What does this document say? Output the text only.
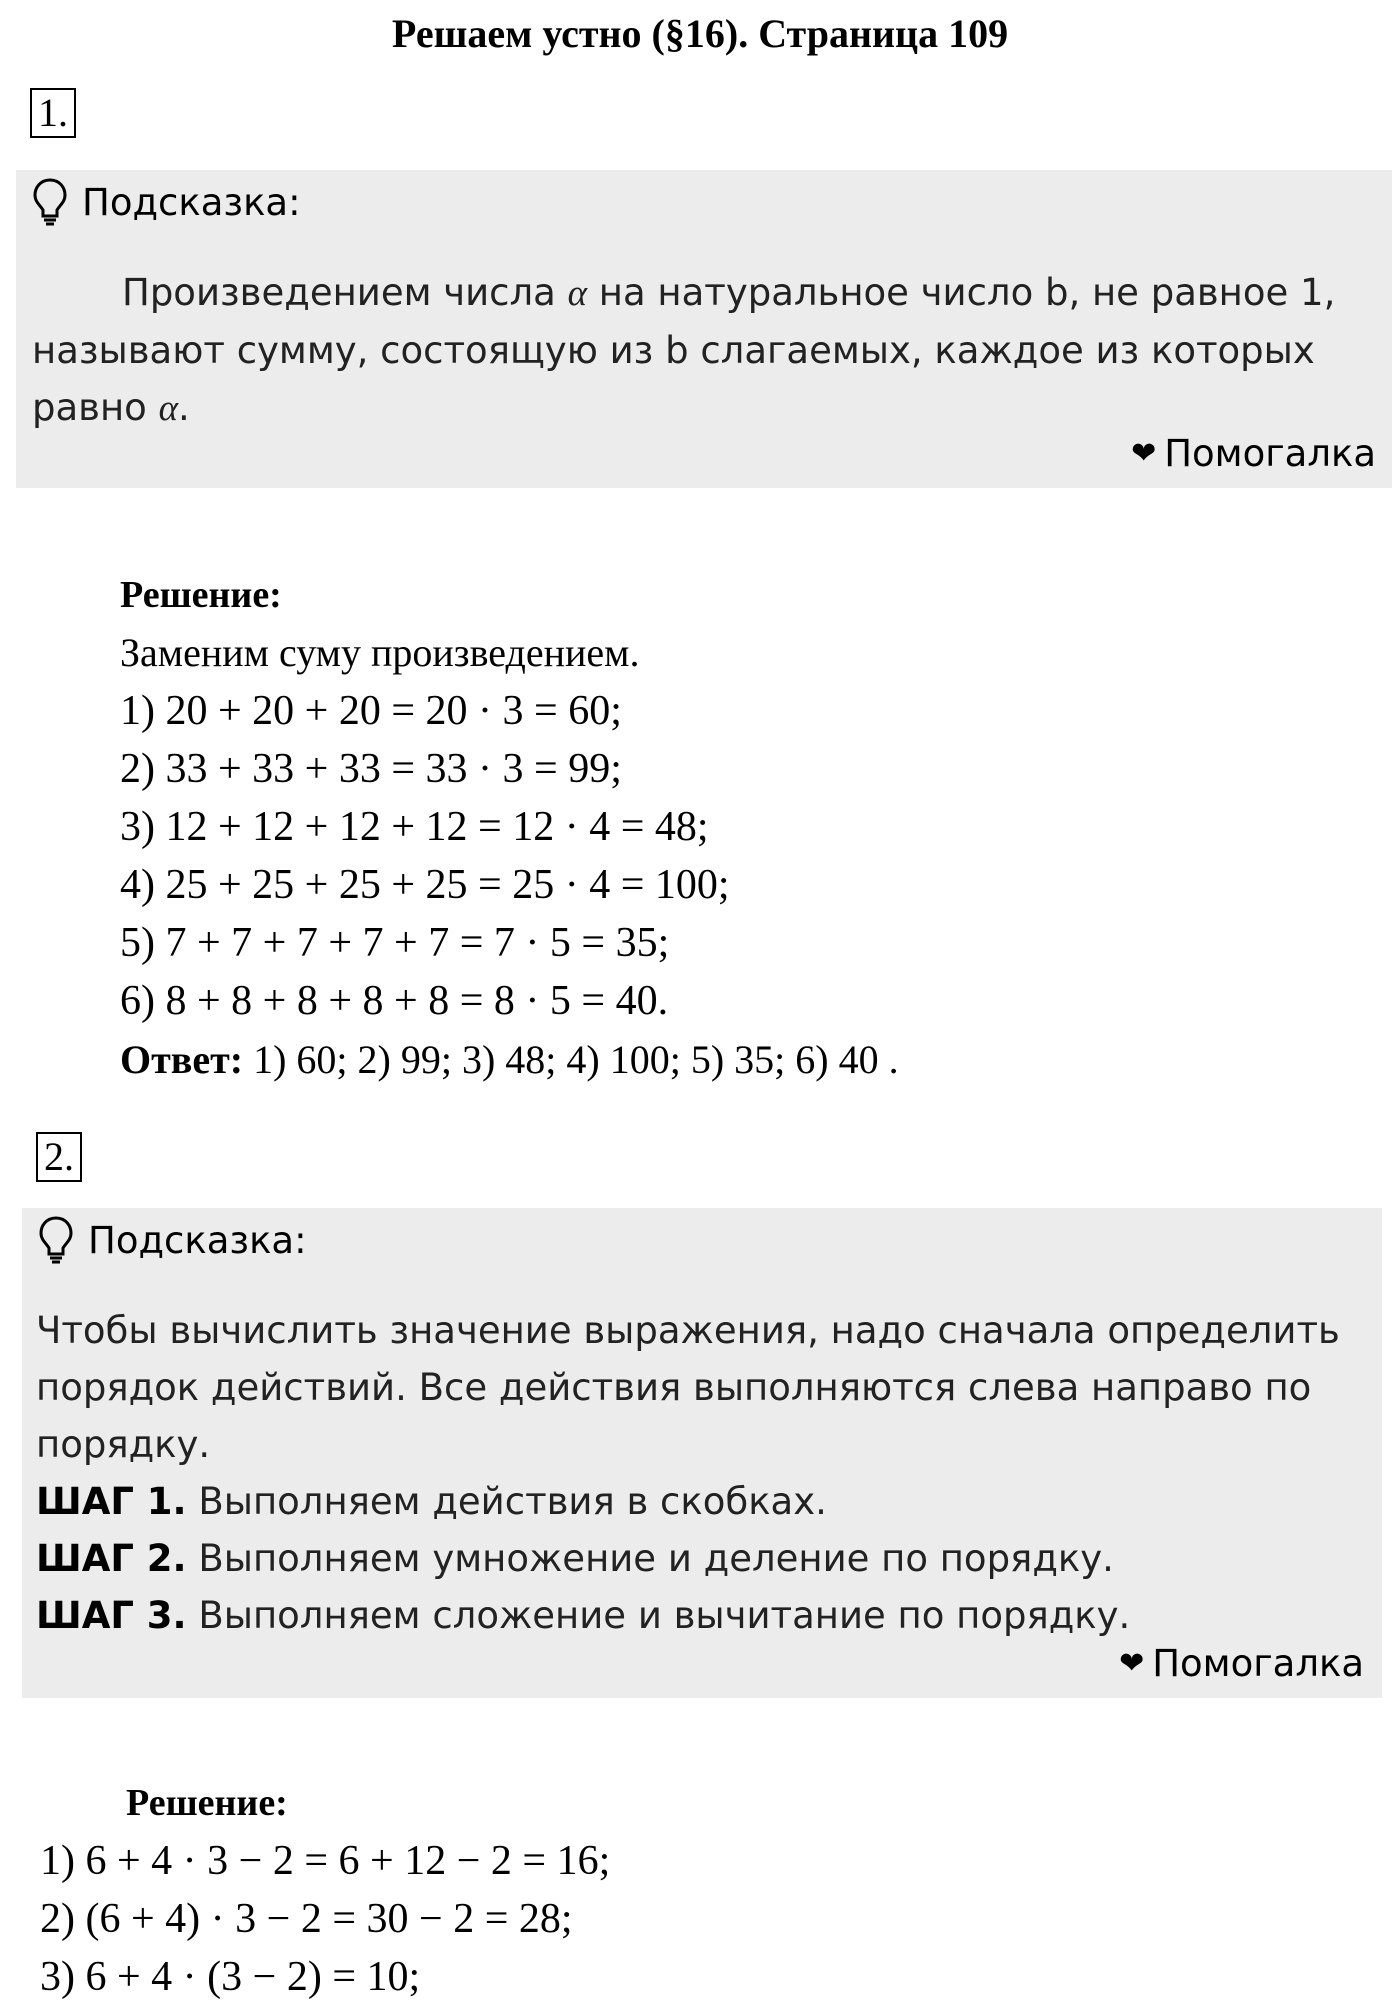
Решаем устно (§16). Страница 109
1.
Подсказка:
Произведением числа α на натуральное число b, не равное 1,
называют сумму, состоящую из b слагаемых, каждое из которых
равно α.
❤ Помогалка
Решение:
Заменим суму произведением.
1) 20 + 20 + 20 = 20 · 3 = 60;
2) 33 + 33 + 33 = 33 · 3 = 99;
3) 12 + 12 + 12 + 12 = 12 · 4 = 48;
4) 25 + 25 + 25 + 25 = 25 · 4 = 100;
5) 7 + 7 + 7 + 7 + 7 = 7 · 5 = 35;
6) 8 + 8 + 8 + 8 + 8 = 8 · 5 = 40.
Ответ: 1) 60; 2) 99; 3) 48; 4) 100; 5) 35; 6) 40 .
2.
Подсказка:
Чтобы вычислить значение выражения, надо сначала определить
порядок действий. Все действия выполняются слева направо по
порядку.
ШАГ 1. Выполняем действия в скобках.
ШАГ 2. Выполняем умножение и деление по порядку.
ШАГ 3. Выполняем сложение и вычитание по порядку.
❤ Помогалка
Решение:
1) 6 + 4 · 3 − 2 = 6 + 12 − 2 = 16;
2) (6 + 4) · 3 − 2 = 30 − 2 = 28;
3) 6 + 4 · (3 − 2) = 10;
